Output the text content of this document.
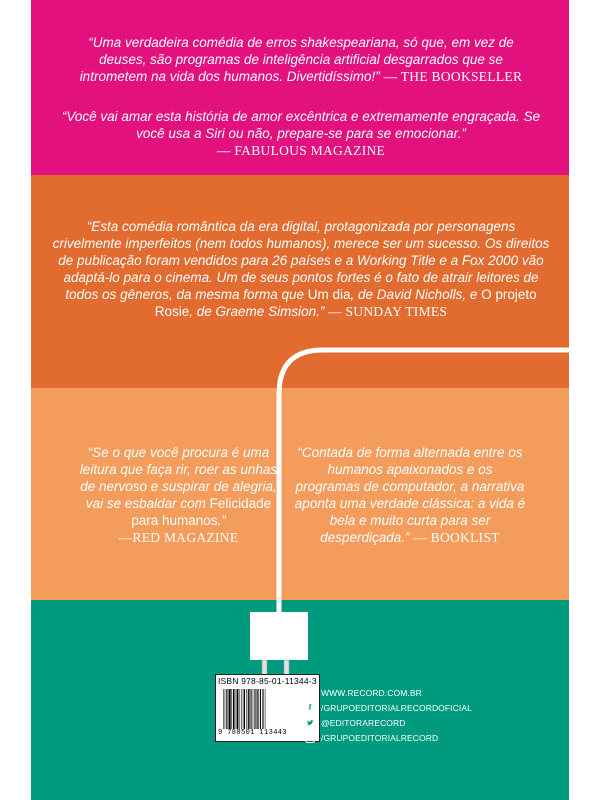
“Uma verdadeira comédia de erros shakespeariana, só que, em vez de deuses, são programas de inteligência artificial desgarrados que se intrometem na vida dos humanos. Divertidíssimo!” — THE BOOKSELLER
“Você vai amar esta história de amor excêntrica e extremamente engraçada. Se você usa a Siri ou não, prepare-se para se emocionar.”
— FABULOUS MAGAZINE
“Esta comédia romântica da era digital, protagonizada por personagens crivelmente imperfeitos (nem todos humanos), merece ser um sucesso. Os direitos de publicação foram vendidos para 26 países e a Working Title e a Fox 2000 vão adaptá-lo para o cinema. Um de seus pontos fortes é o fato de atrair leitores de todos os gêneros, da mesma forma que Um dia, de David Nicholls, e O projeto Rosie, de Graeme Simsion.” — SUNDAY TIMES
“Se o que você procura é uma leitura que faça rir, roer as unhas de nervoso e suspirar de alegria, vai se esbaldar com Felicidade para humanos.”
—RED MAGAZINE
“Contada de forma alternada entre os humanos apaixonados e os programas de computador, a narrativa aponta uma verdade clássica: a vida é bela e muito curta para ser desperdiçada.” — BOOKLIST
ISBN 978-85-01-11344-3
9 788501 113443
WWW.RECORD.COM.BR
f	/GRUPOEDITORIALRECORDOFICIAL
@EDITORARECORD
/GRUPOEDITORIALRECORD
